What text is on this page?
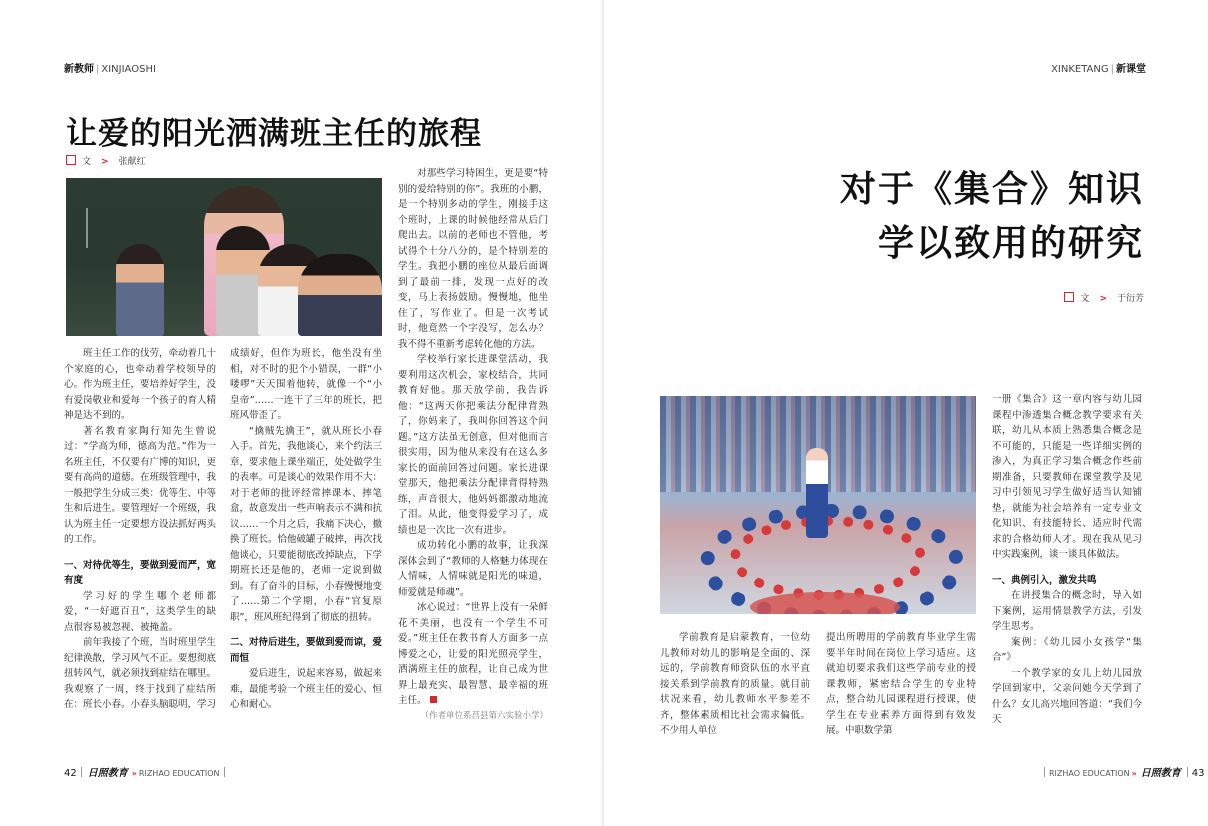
新教师 | XINJIAOSHI
让爱的阳光洒满班主任的旅程
文 > 张献红

班主任工作的伐劳，牵动着几十个家庭的心，也牵动着学校领导的心。作为班主任，要培养好学生，没有爱岗敬业和爱每一个孩子的育人精神是达不到的。

著名教育家陶行知先生曾说过：“学高为师，德高为范。”作为一名班主任，不仅要有广博的知识，更要有高尚的道德。在班级管理中，我一般把学生分成三类：优等生、中等生和后进生。要管理好一个班级，我认为班主任一定要想方设法抓好两头的工作。

一、对待优等生，要做到爱而严，宽有度

学习好的学生哪个老师都爱，“一好遮百丑”，这类学生的缺点很容易被忽视、被掩盖。

前年我接了个班，当时班里学生纪律涣散，学习风气不正。要想彻底扭转风气，就必须找到症结在哪里。我观察了一周，终于找到了症结所在：班长小春。小春头脑聪明，学习

成绩好，但作为班长，他坐没有坐相，对不时的犯个小错误，一群“小喽啰”天天围着他转，就像一个“小皇帝”……一连干了三年的班长，把班风带歪了。

“擒贼先擒王”，就从班长小春入手。首先，我他谈心，来个约法三章，要求他上课坐端正，处处做学生的表率。可是谈心的效果作用不大：对于老师的批评经常摔课本、摔笔盒，故意发出一些声响表示不满和抗议……一个月之后，我痛下决心，撤换了班长。恰他破罐子破摔，再次找他谈心，只要能彻底改掉缺点，下学期班长还是他的，老师一定说到做到。有了奋斗的目标，小春慢慢地变了……第二个学期，小春“官复原职”，班风班纪得到了彻底的扭转。

二、对待后进生，要做到爱而谅，爱而恒

爱后进生，说起来容易，做起来难，最能考验一个班主任的爱心、恒心和耐心。

对那些学习特困生，更是要“特别的爱给特别的你”。我班的小鹏，是一个特别多动的学生，刚接手这个班时，上课的时候他经常从后门爬出去。以前的老师也不管他，考试得个十分八分的，是个特别差的学生。我把小鹏的座位从最后面调到了最前一排，发现一点好的改变，马上表扬鼓励。慢慢地，他坐住了，写作业了。但是一次考试时，他竟然一个字没写，怎么办？我不得不重新考虑转化他的方法。

学校举行家长进课堂活动，我要利用这次机会，家校结合，共同教育好他。那天放学前，我告诉他：“这两天你把乘法分配律背熟了，你妈来了，我叫你回答这个问题。”这方法虽无创意，但对他而言很实用，因为他从来没有在这么多家长的面前回答过问题。家长进课堂那天，他把乘法分配律背得特熟练，声音很大，他妈妈都激动地流了泪。从此，他变得爱学习了，成绩也是一次比一次有进步。

成功转化小鹏的故事，让我深深体会到了“教师的人格魅力体现在人情味，人情味就是阳光的味道，师爱就是师魂”。

冰心说过：“世界上没有一朵鲜花不美丽，也没有一个学生不可爱。”班主任在教书育人方面多一点博爱之心，让爱的阳光照亮学生，洒满班主任的旅程，让自己成为世界上最充实、最智慧、最幸福的班主任。

（作者单位系莒县第六实验小学）

42 日照教育 » RIZHAO EDUCATION
XINKETANG | 新课堂
对于《集合》知识
学以致用的研究
文 > 于衍芳

一册《集合》这一章内容与幼儿园课程中渗透集合概念教学要求有关联，幼儿从本质上熟悉集合概念是不可能的，只能是一些详细实例的渗入，为真正学习集合概念作些前期准备，只要教师在课堂教学及见习中引领见习学生做好适当认知铺垫，就能为社会培养有一定专业文化知识、有技能特长、适应时代需求的合格幼师人才。现在我从见习中实践案例，谈一谈具体做法。

一、典例引入，激发共鸣

在讲授集合的概念时，导入如下案例，运用情景教学方法，引发学生思考。

案例：《幼儿园小女孩学“集合”》

一个教学家的女儿上幼儿园放学回到家中，父亲问她今天学到了什么？女儿高兴地回答道：“我们今天

学前教育是启蒙教育，一位幼儿教师对幼儿的影响是全面的、深远的，学前教育师资队伍的水平直接关系到学前教育的质量。就目前状况来看，幼儿教师水平参差不齐，整体素质相比社会需求偏低。不少用人单位

提出所聘用的学前教育毕业学生需要半年时间在岗位上学习适应。这就迫切要求我们这些学前专业的授课教师，紧密结合学生的专业特点，整合幼儿园课程进行授课，使学生在专业素养方面得到有效发展。中职数学第

RIZHAO EDUCATION » 日照教育 43
